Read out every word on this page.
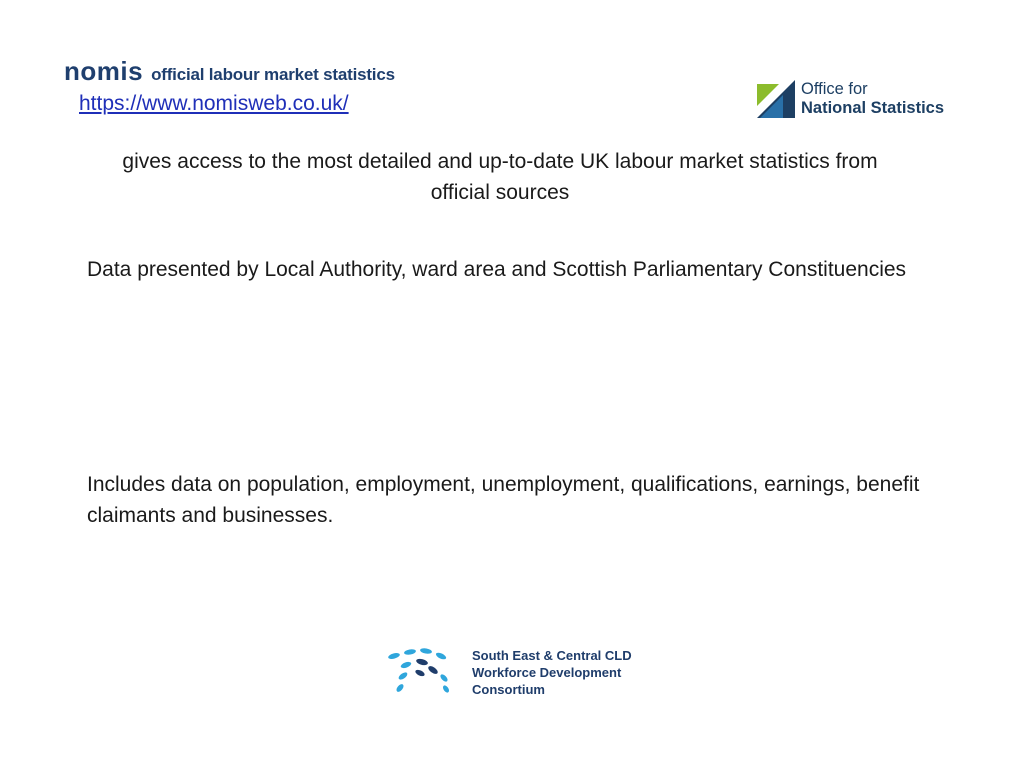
nomis official labour market statistics
https://www.nomisweb.co.uk/
Office for
National Statistics
gives access to the most detailed and up-to-date UK labour market statistics from official sources
Data presented by Local Authority, ward area and Scottish Parliamentary Constituencies
Includes data on population, employment, unemployment, qualifications, earnings, benefit claimants and businesses.
South East & Central CLD
Workforce Development
Consortium
